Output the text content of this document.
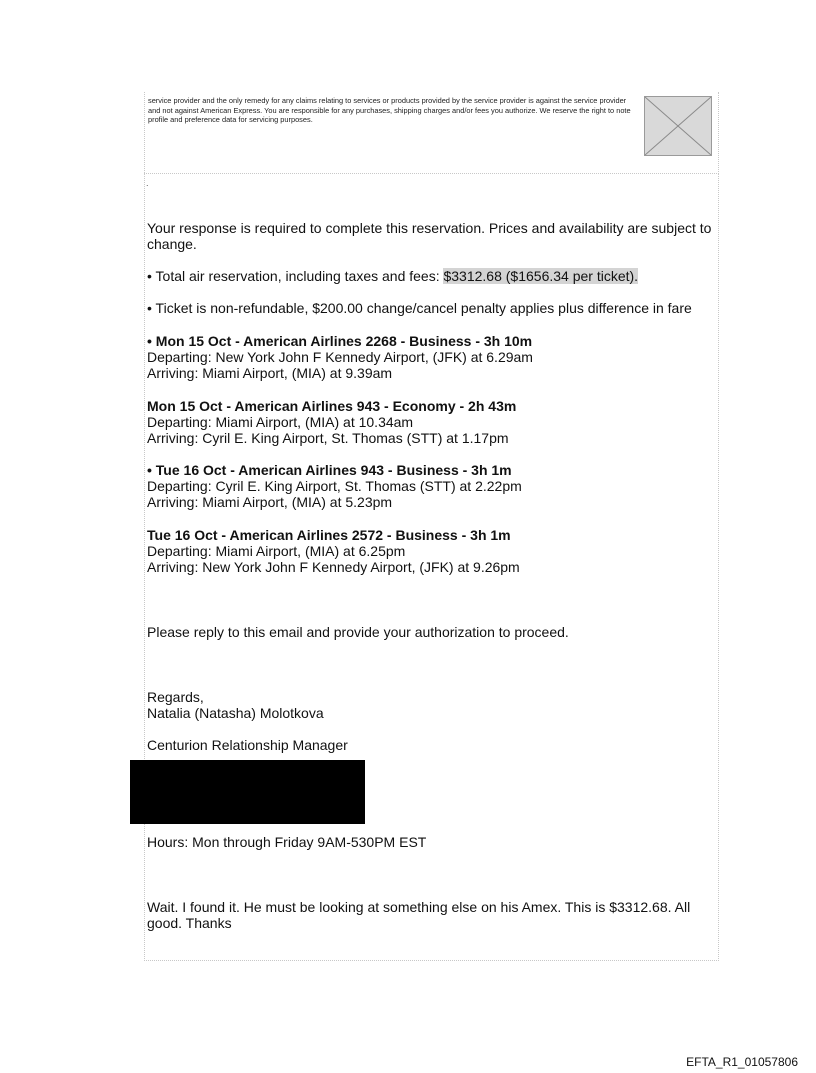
service provider and the only remedy for any claims relating to services or products provided by the service provider is against the service provider and not against American Express. You are responsible for any purchases, shipping charges and/or fees you authorize. We reserve the right to note profile and preference data for servicing purposes.
.
Your response is required to complete this reservation. Prices and availability are subject to change.
• Total air reservation, including taxes and fees: $3312.68 ($1656.34 per ticket).
• Ticket is non-refundable, $200.00 change/cancel penalty applies plus difference in fare
• Mon 15 Oct - American Airlines 2268 - Business - 3h 10m
Departing: New York John F Kennedy Airport, (JFK) at 6.29am
Arriving: Miami Airport, (MIA) at 9.39am
Mon 15 Oct - American Airlines 943 - Economy - 2h 43m
Departing: Miami Airport, (MIA) at 10.34am
Arriving: Cyril E. King Airport, St. Thomas (STT) at 1.17pm
• Tue 16 Oct - American Airlines 943 - Business - 3h 1m
Departing: Cyril E. King Airport, St. Thomas (STT) at 2.22pm
Arriving: Miami Airport, (MIA) at 5.23pm
Tue 16 Oct - American Airlines 2572 - Business - 3h 1m
Departing: Miami Airport, (MIA) at 6.25pm
Arriving: New York John F Kennedy Airport, (JFK) at 9.26pm
Please reply to this email and provide your authorization to proceed.
Regards,
Natalia (Natasha) Molotkova
Centurion Relationship Manager
Hours: Mon through Friday 9AM-530PM EST
Wait. I found it. He must be looking at something else on his Amex. This is $3312.68. All good. Thanks
EFTA_R1_01057806
